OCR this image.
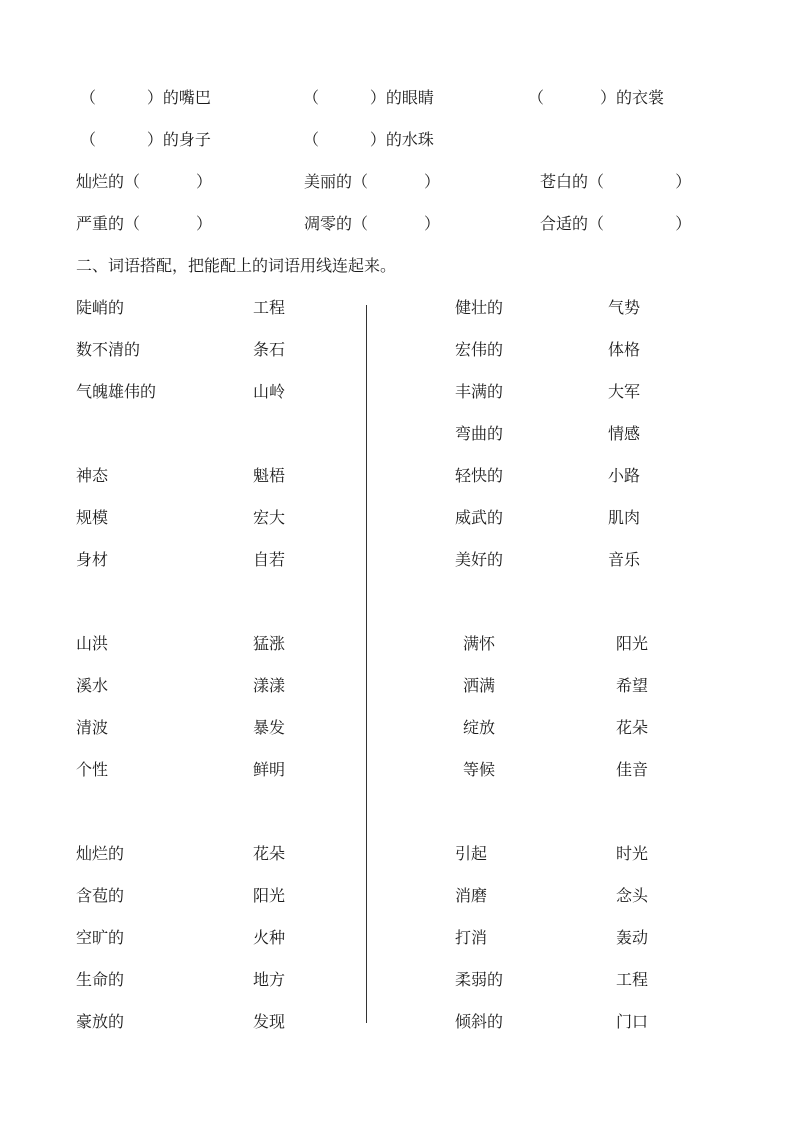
（          ）的嘴巴	（          ）的眼睛	（           ）的衣裳
（          ）的身子	（          ）的水珠
灿烂的（           ）	美丽的（           ）	苍白的（              ）
严重的（           ）	凋零的（           ）	合适的（              ）
二、词语搭配，把能配上的词语用线连起来。
陡峭的	工程
数不清的	条石
气魄雄伟的	山岭
神态	魁梧
规模	宏大
身材	自若
山洪	猛涨
溪水	漾漾
清波	暴发
个性	鲜明
灿烂的	花朵
含苞的	阳光
空旷的	火种
生命的	地方
豪放的	发现
健壮的	气势
宏伟的	体格
丰满的	大军
弯曲的	情感
轻快的	小路
威武的	肌肉
美好的	音乐
满怀	阳光
洒满	希望
绽放	花朵
等候	佳音
引起	时光
消磨	念头
打消	轰动
柔弱的	工程
倾斜的	门口
